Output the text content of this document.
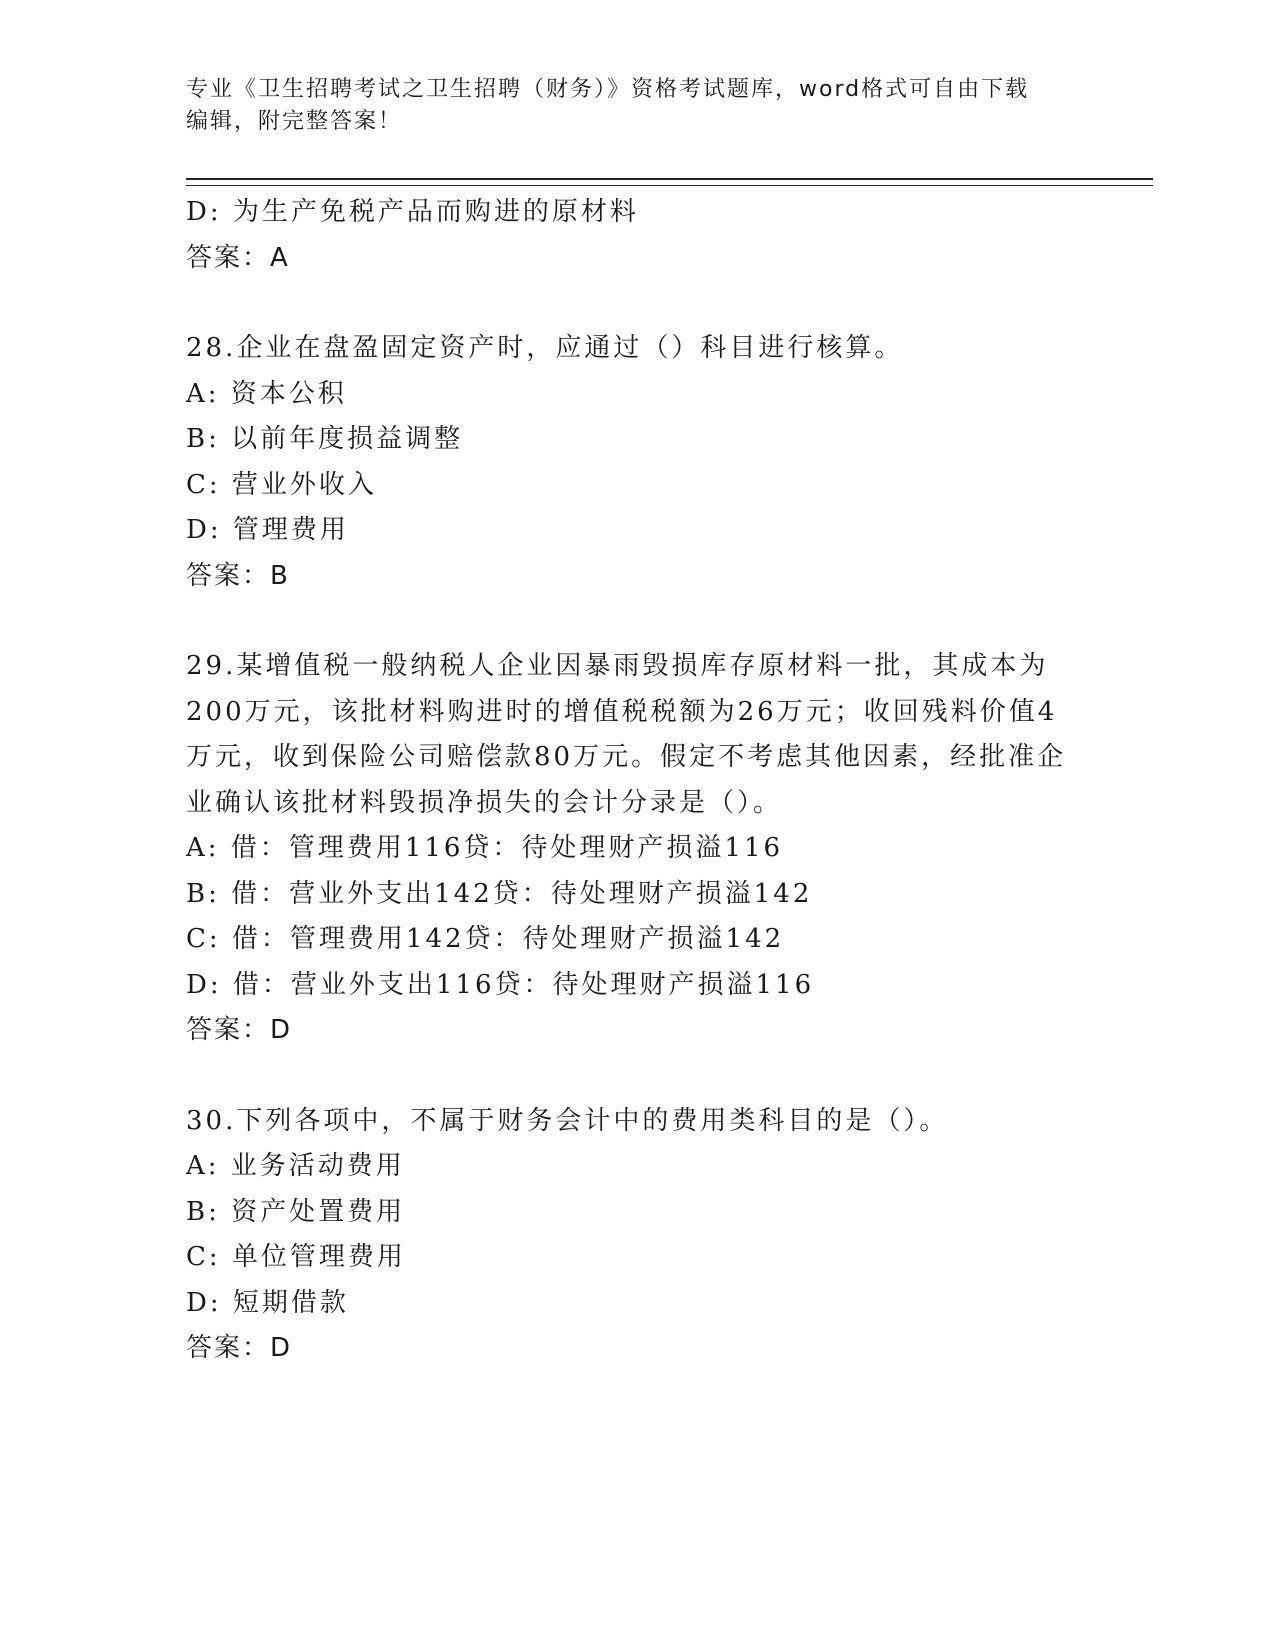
专业《卫生招聘考试之卫生招聘（财务）》资格考试题库，word格式可自由下载
编辑，附完整答案！
D: 为生产免税产品而购进的原材料
答案：A
28.企业在盘盈固定资产时，应通过（）科目进行核算。
A: 资本公积
B: 以前年度损益调整
C: 营业外收入
D: 管理费用
答案：B
29.某增值税一般纳税人企业因暴雨毁损库存原材料一批，其成本为
200万元，该批材料购进时的增值税税额为26万元；收回残料价值4
万元，收到保险公司赔偿款80万元。假定不考虑其他因素，经批准企
业确认该批材料毁损净损失的会计分录是（）。
A: 借：管理费用116贷：待处理财产损溢116
B: 借：营业外支出142贷：待处理财产损溢142
C: 借：管理费用142贷：待处理财产损溢142
D: 借：营业外支出116贷：待处理财产损溢116
答案：D
30.下列各项中，不属于财务会计中的费用类科目的是（）。
A: 业务活动费用
B: 资产处置费用
C: 单位管理费用
D: 短期借款
答案：D
